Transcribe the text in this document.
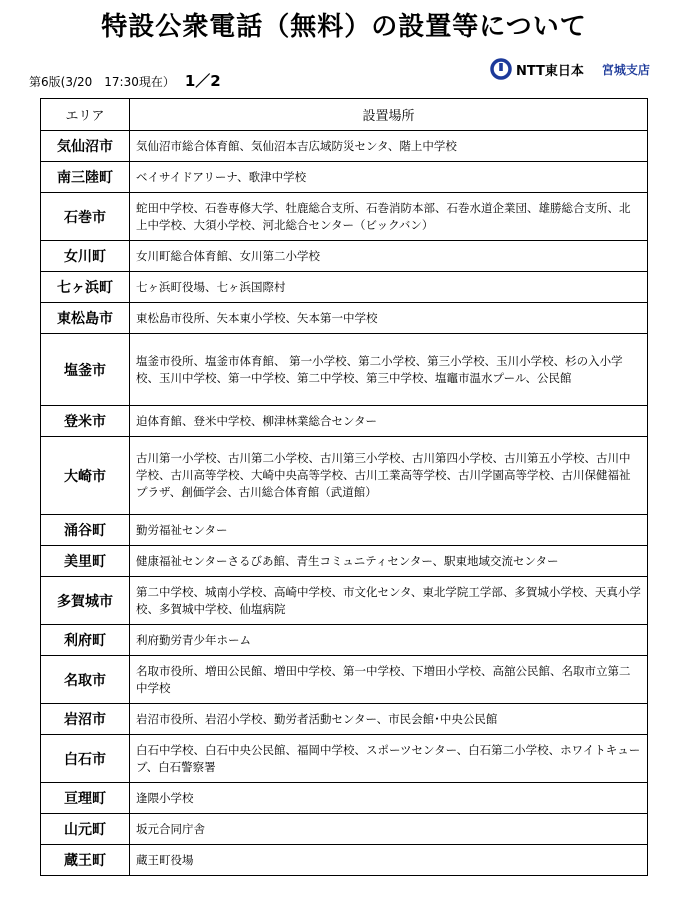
特設公衆電話（無料）の設置等について
第6版(3/20　17:30現在） 1／2
NTT東日本 宮城支店
エリア	設置場所
気仙沼市	気仙沼市総合体育館、気仙沼本吉広域防災センタ、階上中学校
南三陸町	ベイサイドアリーナ、歌津中学校
石巻市	蛇田中学校、石巻専修大学、牡鹿総合支所、石巻消防本部、石巻水道企業団、雄勝総合支所、北上中学校、大須小学校、河北総合センター（ビックバン）
女川町	女川町総合体育館、女川第二小学校
七ヶ浜町	七ヶ浜町役場、七ヶ浜国際村
東松島市	東松島市役所、矢本東小学校、矢本第一中学校
塩釜市	塩釜市役所、塩釜市体育館、 第一小学校、第二小学校、第三小学校、玉川小学校、杉の入小学校、玉川中学校、第一中学校、第二中学校、第三中学校、塩竈市温水プール、公民館
登米市	迫体育館、登米中学校、柳津林業総合センター
大崎市	古川第一小学校、古川第二小学校、古川第三小学校、古川第四小学校、古川第五小学校、古川中学校、古川高等学校、大崎中央高等学校、古川工業高等学校、古川学園高等学校、古川保健福祉プラザ、創価学会、古川総合体育館（武道館）
涌谷町	勤労福祉センター
美里町	健康福祉センターさるびあ館、青生コミュニティセンター、駅東地域交流センター
多賀城市	第二中学校、城南小学校、高崎中学校、市文化センタ、東北学院工学部、多賀城小学校、天真小学校、多賀城中学校、仙塩病院
利府町	利府勤労青少年ホーム
名取市	名取市役所、増田公民館、増田中学校、第一中学校、下増田小学校、高舘公民館、名取市立第二中学校
岩沼市	岩沼市役所、岩沼小学校、勤労者活動センター、市民会館･中央公民館
白石市	白石中学校、白石中央公民館、福岡中学校、スポーツセンター、白石第二小学校、ホワイトキューブ、白石警察署
亘理町	逢隈小学校
山元町	坂元合同庁舎
蔵王町	蔵王町役場
